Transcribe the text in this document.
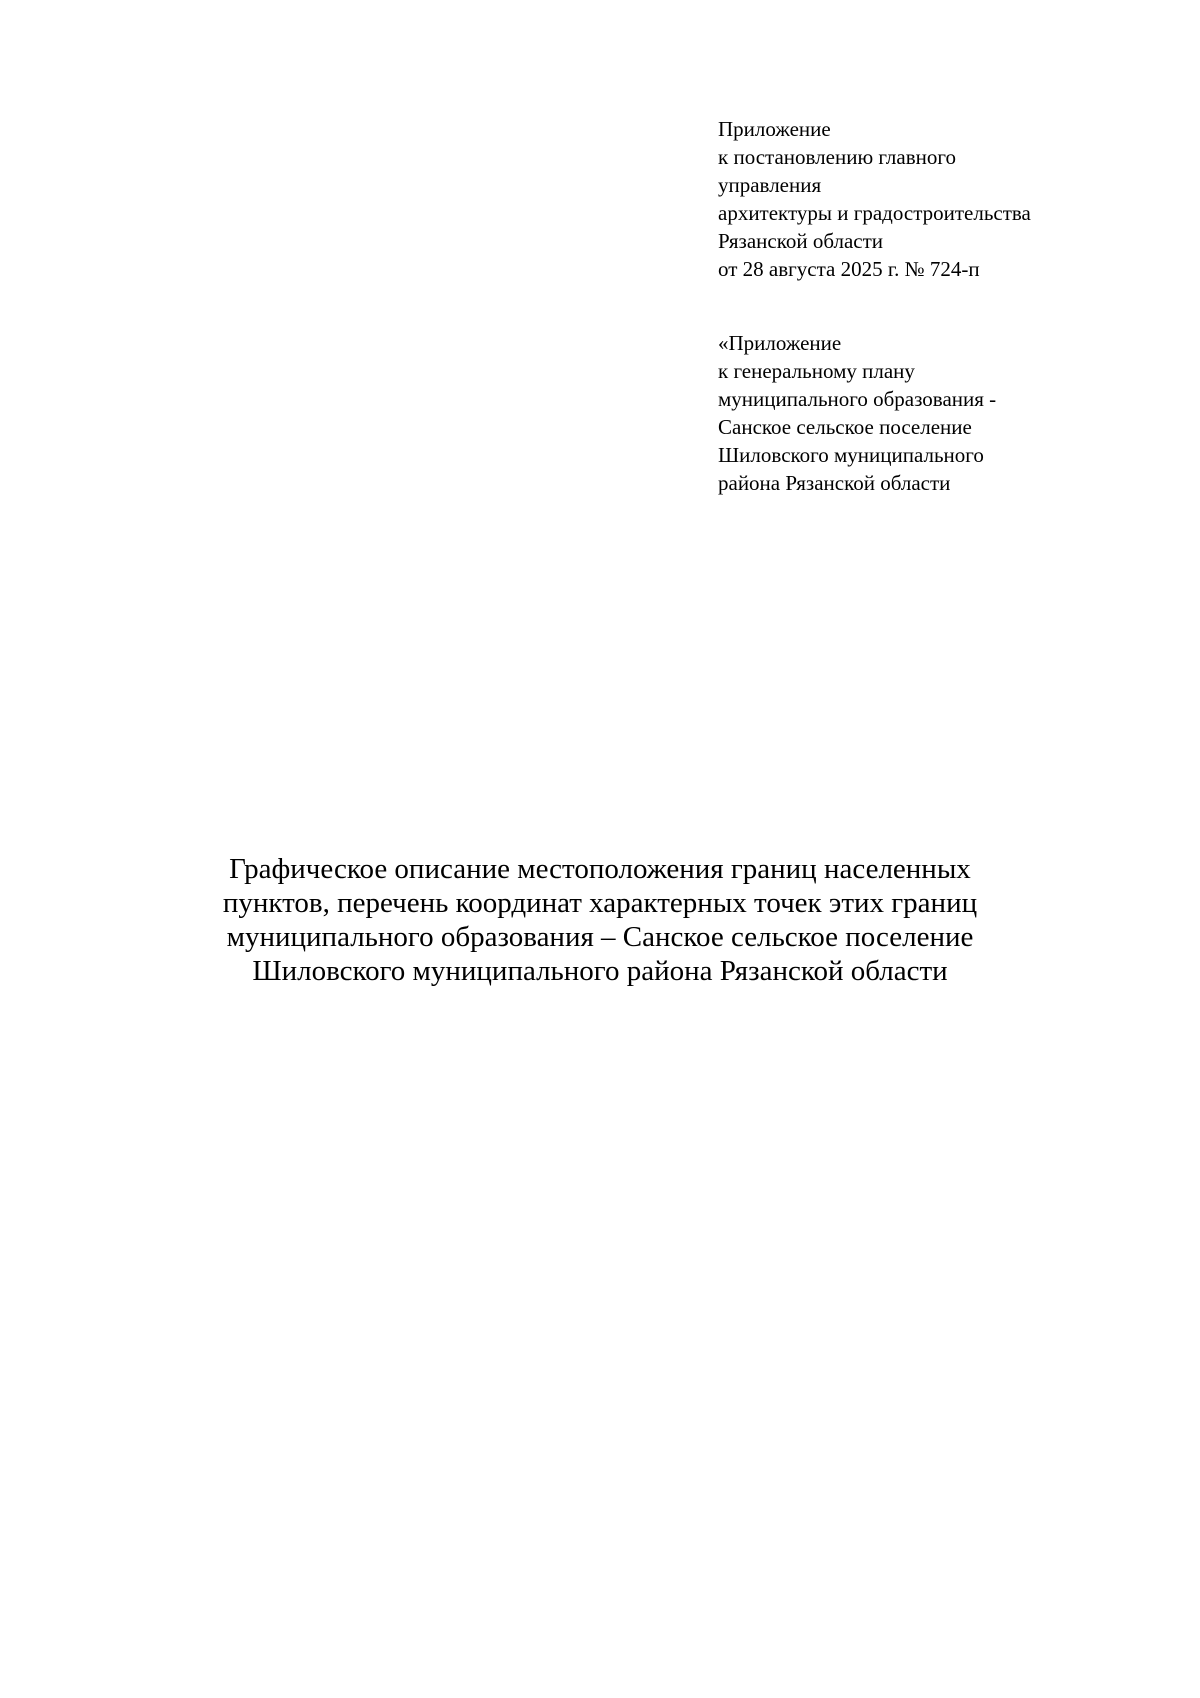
Приложение
к постановлению главного
управления
архитектуры и градостроительства
Рязанской области
от 28 августа 2025 г. № 724-п
«Приложение
к генеральному плану
муниципального образования -
Санское сельское поселение
Шиловского муниципального
района Рязанской области
Графическое описание местоположения границ населенных
пунктов, перечень координат характерных точек этих границ
муниципального образования – Санское сельское поселение
Шиловского муниципального района Рязанской области
